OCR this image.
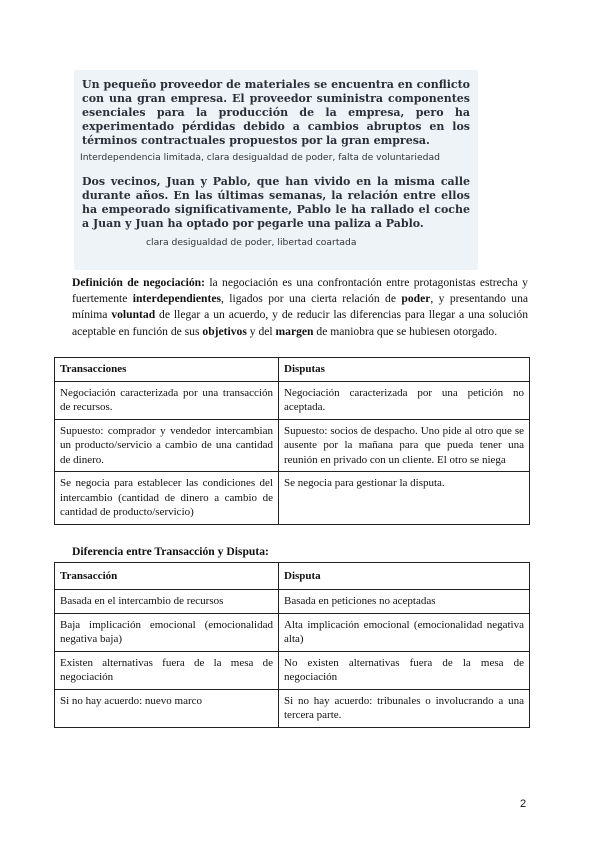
Un pequeño proveedor de materiales se encuentra en conflicto con una gran empresa. El proveedor suministra componentes esenciales para la producción de la empresa, pero ha experimentado pérdidas debido a cambios abruptos en los términos contractuales propuestos por la gran empresa.

Interdependencia limitada, clara desigualdad de poder, falta de voluntariedad

Dos vecinos, Juan y Pablo, que han vivido en la misma calle durante años. En las últimas semanas, la relación entre ellos ha empeorado significativamente, Pablo le ha rallado el coche a Juan y Juan ha optado por pegarle una paliza a Pablo.

clara desigualdad de poder, libertad coartada

Definición de negociación: la negociación es una confrontación entre protagonistas estrecha y fuertemente interdependientes, ligados por una cierta relación de poder, y presentando una mínima voluntad de llegar a un acuerdo, y de reducir las diferencias para llegar a una solución aceptable en función de sus objetivos y del margen de maniobra que se hubiesen otorgado.

Transacciones	Disputas
Negociación caracterizada por una transacción de recursos.	Negociación caracterizada por una petición no aceptada.
Supuesto: comprador y vendedor intercambian un producto/servicio a cambio de una cantidad de dinero.	Supuesto: socios de despacho. Uno pide al otro que se ausente por la mañana para que pueda tener una reunión en privado con un cliente. El otro se niega
Se negocia para establecer las condiciones del intercambio (cantidad de dinero a cambio de cantidad de producto/servicio)	Se negocia para gestionar la disputa.

Diferencia entre Transacción y Disputa:

Transacción	Disputa
Basada en el intercambio de recursos	Basada en peticiones no aceptadas
Baja implicación emocional (emocionalidad negativa baja)	Alta implicación emocional (emocionalidad negativa alta)
Existen alternativas fuera de la mesa de negociación	No existen alternativas fuera de la mesa de negociación
Si no hay acuerdo: nuevo marco	Si no hay acuerdo: tribunales o involucrando a una tercera parte.
2
